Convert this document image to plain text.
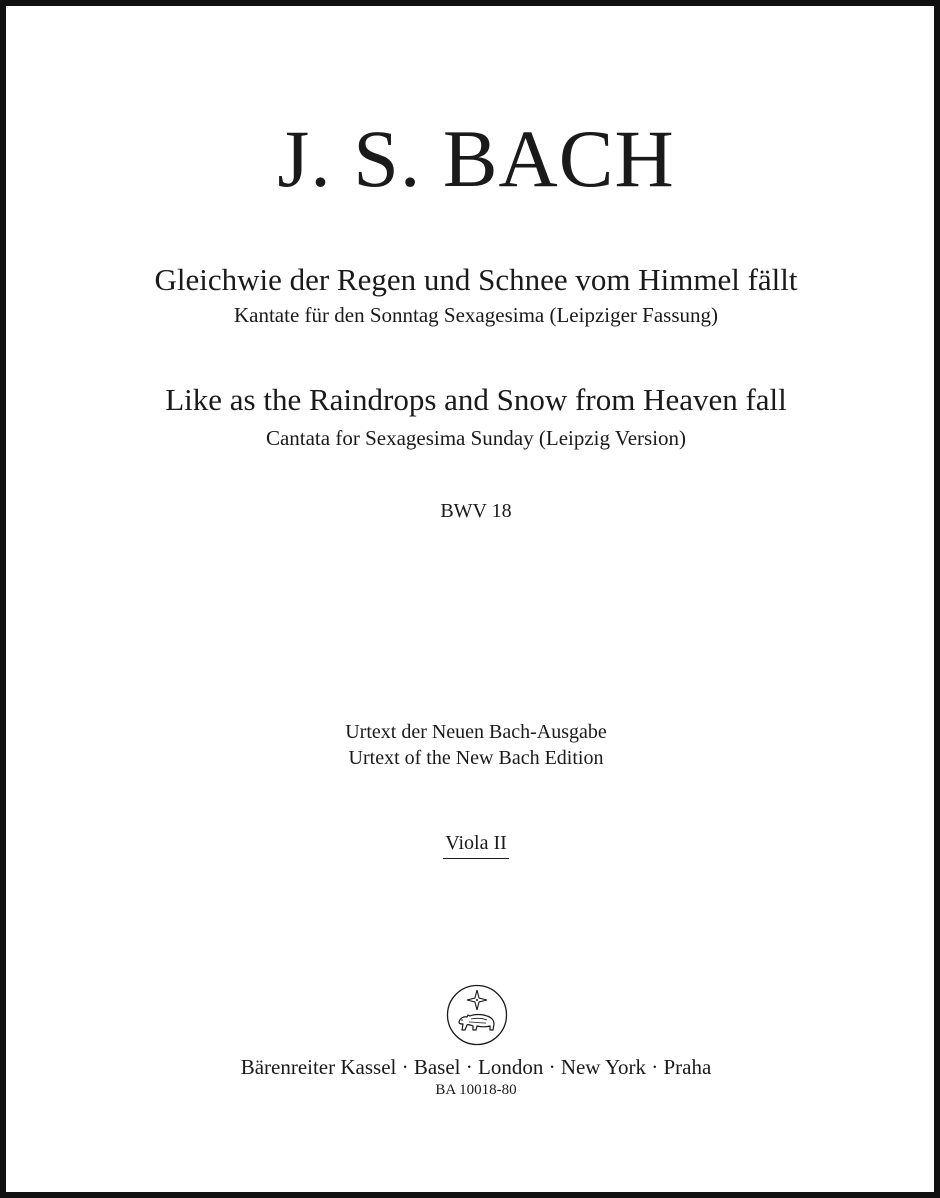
J. S. BACH
Gleichwie der Regen und Schnee vom Himmel fällt
Kantate für den Sonntag Sexagesima (Leipziger Fassung)
Like as the Raindrops and Snow from Heaven fall
Cantata for Sexagesima Sunday (Leipzig Version)
BWV 18
Urtext der Neuen Bach-Ausgabe
Urtext of the New Bach Edition
Viola II
Bärenreiter Kassel · Basel · London · New York · Praha
BA 10018-80
